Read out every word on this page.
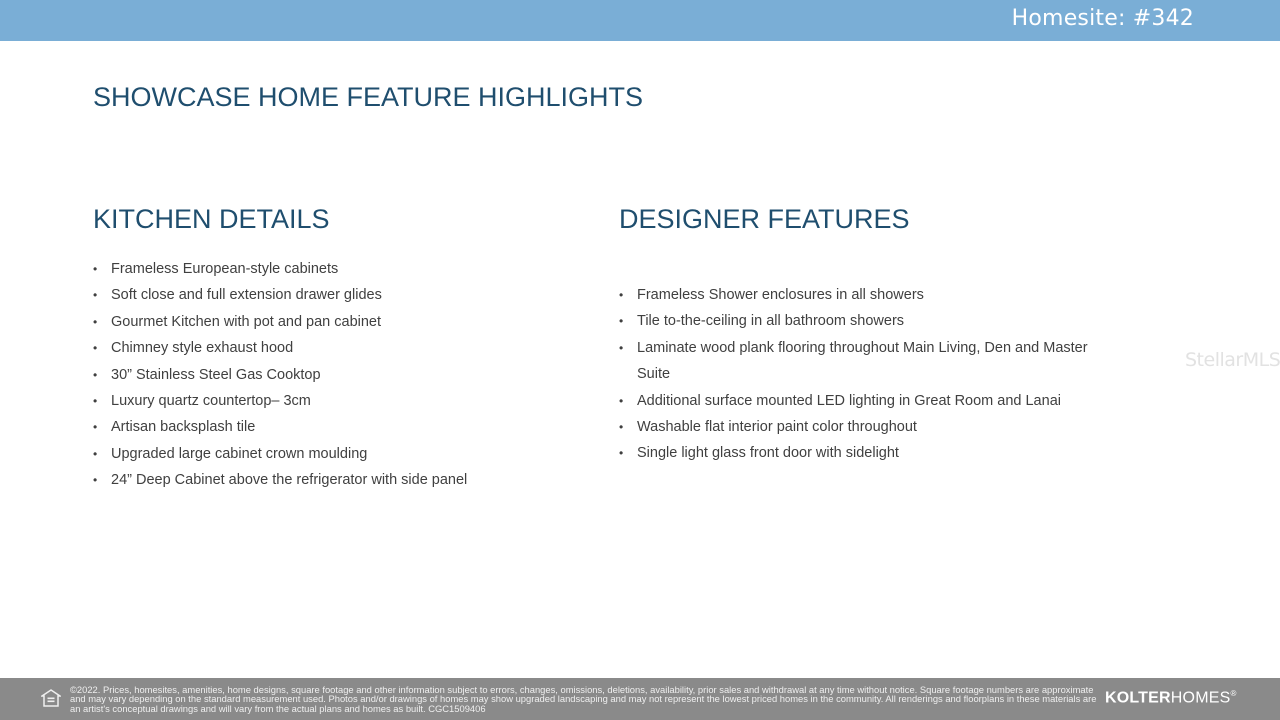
Homesite: #342
SHOWCASE HOME FEATURE HIGHLIGHTS
KITCHEN DETAILS	DESIGNER FEATURES
• Frameless European-style cabinets
• Soft close and full extension drawer glides
• Gourmet Kitchen with pot and pan cabinet
• Chimney style exhaust hood
• 30” Stainless Steel Gas Cooktop
• Luxury quartz countertop– 3cm
• Artisan backsplash tile
• Upgraded large cabinet crown moulding
• 24” Deep Cabinet above the refrigerator with side panel
• Frameless Shower enclosures in all showers
• Tile to-the-ceiling in all bathroom showers
• Laminate wood plank flooring throughout Main Living, Den and Master Suite
• Additional surface mounted LED lighting in Great Room and Lanai
• Washable flat interior paint color throughout
• Single light glass front door with sidelight
StellarMLS
©2022. Prices, homesites, amenities, home designs, square footage and other information subject to errors, changes, omissions, deletions, availability, prior sales and withdrawal at any time without notice. Square footage numbers are approximate and may vary depending on the standard measurement used. Photos and/or drawings of homes may show upgraded landscaping and may not represent the lowest priced homes in the community. All renderings and floorplans in these materials are an artist's conceptual drawings and will vary from the actual plans and homes as built. CGC1509406
KOLTERHOMES®
